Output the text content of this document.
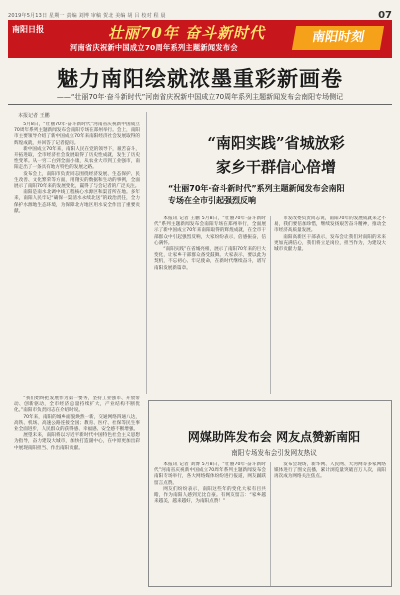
2019年5月13日 星期一 责编 刘博 审稿 贺北 美编 胡 吕 校对 程 晨	07
南阳日报	壮丽70年 奋斗新时代
河南省庆祝新中国成立70周年系列主题新闻发布会
南阳时刻
魅力南阳绘就浓墨重彩新画卷
——“壮丽70年·奋斗新时代”河南省庆祝新中国成立70周年系列主题新闻发布会南阳专场侧记
本报记者 王鹏

5月8日，“壮丽70年·奋斗新时代”河南省庆祝新中国成立70周年系列主题新闻发布会南阳专场在郑州举行。会上，南阳市主要领导介绍了新中国成立70年来南阳经济社会发展取得的辉煌成就，并回答了记者提问。

新中国成立70年来，南阳人民在党的领导下，艰苦奋斗，开拓进取，全市经济社会发展取得了历史性成就，发生了历史性变革。从一穷二白到全面小康，从农业大市到工业强市，南阳走出了一条具有地方特色的发展之路。

发布会上，南阳市负责同志围绕经济发展、生态保护、民生改善、文化繁荣等方面，用翔实的数据和生动的事例，全面展示了南阳70年来的发展变化，赢得了与会记者的广泛关注。

南阳是南水北调中线工程核心水源区和渠首所在地。多年来，南阳人民牢记“确保一渠清水永续北送”的政治责任，全力保护水源地生态环境，为保障北方地区用水安全作出了重要贡献。

“我们始终把发展作为第一要务，坚持工业强市、开放带动、创新驱动，全市经济总量持续扩大，产业结构不断优化。”南阳市负责同志在介绍时说。

70年来，南阳的城乡面貌焕然一新，交通网络四通八达，高铁、机场、高速公路连接全国；教育、医疗、社保等民生事业全面进步，人民群众的获得感、幸福感、安全感不断增强。

展望未来，南阳将以习近平新时代中国特色社会主义思想为指导，奋力建设大城市，加快打造副中心，在中原更加出彩中展现南阳担当、作出南阳贡献。

“南阳实践”省城放彩
家乡干群信心倍增
“壮丽70年·奋斗新时代”系列主题新闻发布会南阳
专场在全市引起强烈反响

本报讯 记者 王鹏 5月8日，“壮丽70年·奋斗新时代”系列主题新闻发布会南阳专场在郑州举行，全面展示了新中国成立70年来南阳取得的辉煌成就，在全市干部群众中引起强烈反响，大家纷纷表示，倍感振奋，信心满怀。

“南阳实践”在省城亮相，展示了南阳70年来的巨大变化，让家乡干部群众备受鼓舞。大家表示，要以此为契机，不忘初心、牢记使命，在新时代继续奋斗，谱写南阳发展新篇章。

市发改委负责同志说，南阳70年的发展成就来之不易，我们要倍加珍惜，继续发扬艰苦奋斗精神，推动全市经济高质量发展。

南阳高新区干部表示，发布会让我们对南阳的未来更加充满信心，我们将立足岗位，担当作为，为建设大城市贡献力量。

网媒助阵发布会 网友点赞新南阳
南阳专场发布会引发网友热议

本报讯 记者 刘博 5月8日，“壮丽70年·奋斗新时代”河南省庆祝新中国成立70周年系列主题新闻发布会南阳专场举行，各大网络媒体纷纷进行报道，网友踊跃留言点赞。

网友们纷纷表示，南阳这些年的变化大家有目共睹，作为南阳人感到无比自豪。有网友留言：“家乡越来越美，越来越好，为南阳点赞！”

发布会现场，新华网、人民网、大河网等多家网络媒体进行了图文直播，累计浏览量突破百万人次，南阳再次成为网络关注焦点。
